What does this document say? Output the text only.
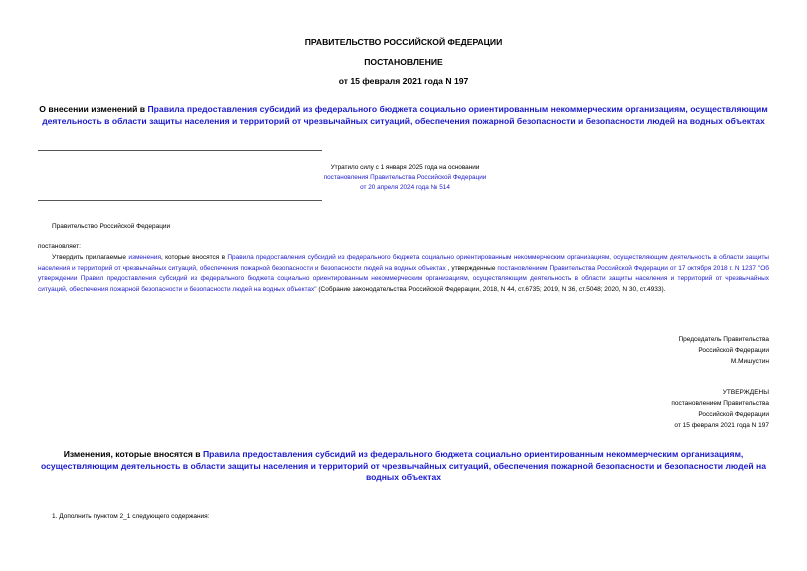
ПРАВИТЕЛЬСТВО РОССИЙСКОЙ ФЕДЕРАЦИИ
ПОСТАНОВЛЕНИЕ
от 15 февраля 2021 года N 197
О внесении изменений в Правила предоставления субсидий из федерального бюджета социально ориентированным некоммерческим организациям, осуществляющим деятельность в области защиты населения и территорий от чрезвычайных ситуаций, обеспечения пожарной безопасности и безопасности людей на водных объектах
Утратило силу с 1 января 2025 года на основании
постановления Правительства Российской Федерации
от 20 апреля 2024 года № 514
Правительство Российской Федерации
постановляет:
Утвердить прилагаемые изменения, которые вносятся в Правила предоставления субсидий из федерального бюджета социально ориентированным некоммерческим организациям, осуществляющим деятельность в области защиты населения и территорий от чрезвычайных ситуаций, обеспечения пожарной безопасности и безопасности людей на водных объектах , утвержденные постановлением Правительства Российской Федерации от 17 октября 2018 г. N 1237 "Об утверждении Правил предоставления субсидий из федерального бюджета социально ориентированным некоммерческим организациям, осуществляющим деятельность в области защиты населения и территорий от чрезвычайных ситуаций, обеспечения пожарной безопасности и безопасности людей на водных объектах" (Собрание законодательства Российской Федерации, 2018, N 44, ст.6735; 2019, N 36, ст.5048; 2020, N 30, ст.4933).
Председатель Правительства
Российской Федерации
М.Мишустин
УТВЕРЖДЕНЫ
постановлением Правительства
Российской Федерации
от 15 февраля 2021 года N 197
Изменения, которые вносятся в Правила предоставления субсидий из федерального бюджета социально ориентированным некоммерческим организациям, осуществляющим деятельность в области защиты населения и территорий от чрезвычайных ситуаций, обеспечения пожарной безопасности и безопасности людей на водных объектах
1. Дополнить пунктом 2_1 следующего содержания:
